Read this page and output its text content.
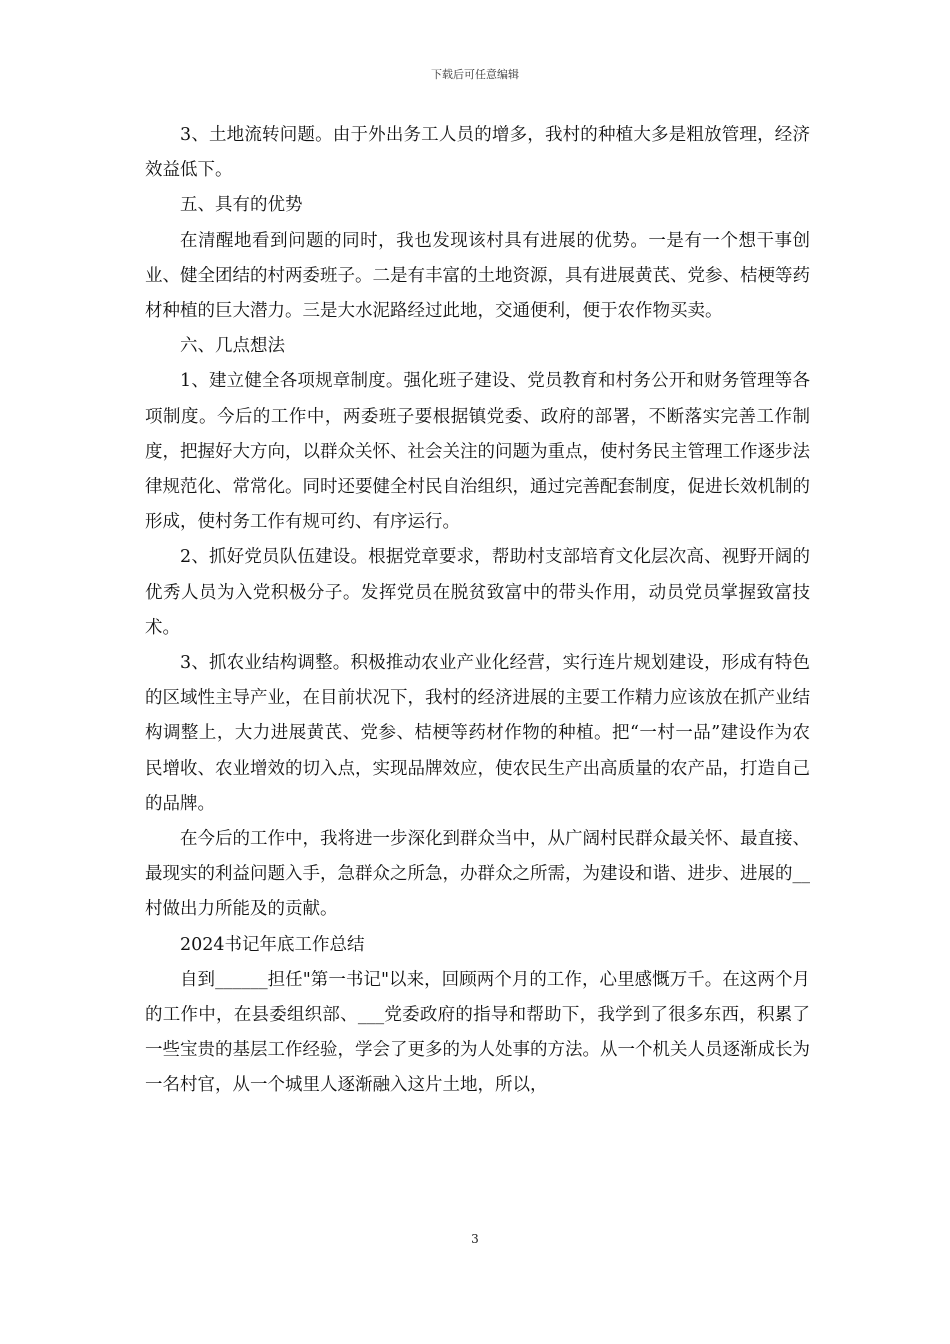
下载后可任意编辑

3、土地流转问题。由于外出务工人员的增多，我村的种植大多是粗放管理，经济效益低下。

五、具有的优势

在清醒地看到问题的同时，我也发现该村具有进展的优势。一是有一个想干事创业、健全团结的村两委班子。二是有丰富的土地资源，具有进展黄芪、党参、桔梗等药材种植的巨大潜力。三是大水泥路经过此地，交通便利，便于农作物买卖。

六、几点想法

1、建立健全各项规章制度。强化班子建设、党员教育和村务公开和财务管理等各项制度。今后的工作中，两委班子要根据镇党委、政府的部署，不断落实完善工作制度，把握好大方向，以群众关怀、社会关注的问题为重点，使村务民主管理工作逐步法律规范化、常常化。同时还要健全村民自治组织，通过完善配套制度，促进长效机制的形成，使村务工作有规可约、有序运行。

2、抓好党员队伍建设。根据党章要求，帮助村支部培育文化层次高、视野开阔的优秀人员为入党积极分子。发挥党员在脱贫致富中的带头作用，动员党员掌握致富技术。

3、抓农业结构调整。积极推动农业产业化经营，实行连片规划建设，形成有特色的区域性主导产业，在目前状况下，我村的经济进展的主要工作精力应该放在抓产业结构调整上，大力进展黄芪、党参、桔梗等药材作物的种植。把“一村一品”建设作为农民增收、农业增效的切入点，实现品牌效应，使农民生产出高质量的农产品，打造自己的品牌。

在今后的工作中，我将进一步深化到群众当中，从广阔村民群众最关怀、最直接、最现实的利益问题入手，急群众之所急，办群众之所需，为建设和谐、进步、进展的__村做出力所能及的贡献。

2024书记年底工作总结

自到______担任"第一书记"以来，回顾两个月的工作，心里感慨万千。在这两个月的工作中，在县委组织部、___党委政府的指导和帮助下，我学到了很多东西，积累了一些宝贵的基层工作经验，学会了更多的为人处事的方法。从一个机关人员逐渐成长为一名村官，从一个城里人逐渐融入这片土地，所以，

3
